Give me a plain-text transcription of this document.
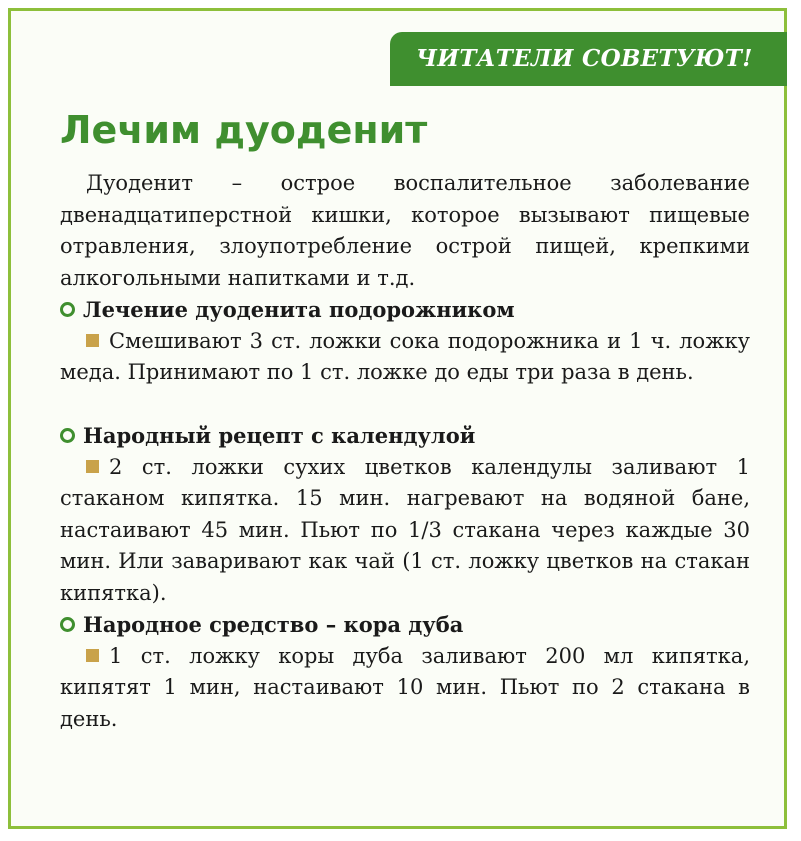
ЧИТАТЕЛИ СОВЕТУЮТ!
Лечим дуоденит

Дуоденит – острое воспалительное заболевание двенадцатиперстной кишки, которое вызывают пищевые отравления, злоупотребление острой пищей, крепкими алкогольными напитками и т.д.

Лечение дуоденита подорожником

Смешивают 3 ст. ложки сока подорожника и 1 ч. ложку меда. Принимают по 1 ст. ложке до еды три раза в день.

Народный рецепт с календулой

2 ст. ложки сухих цветков календулы заливают 1 стаканом кипятка. 15 мин. нагревают на водяной бане, настаивают 45 мин. Пьют по 1/3 стакана через каждые 30 мин. Или заваривают как чай (1 ст. ложку цветков на стакан кипятка).

Народное средство – кора дуба

1 ст. ложку коры дуба заливают 200 мл кипятка, кипятят 1 мин, настаивают 10 мин. Пьют по 2 стакана в день.
